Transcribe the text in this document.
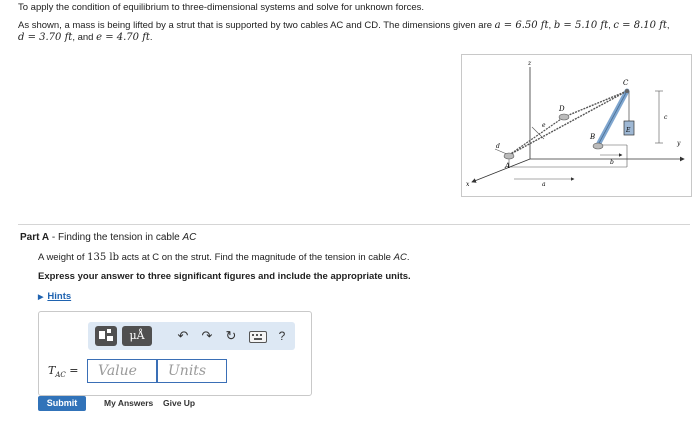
To apply the condition of equilibrium to three-dimensional systems and solve for unknown forces.
As shown, a mass is being lifted by a strut that is supported by two cables AC and CD. The dimensions given are a = 6.50 ft, b = 5.10 ft, c = 8.10 ft,
d = 3.70 ft, and e = 4.70 ft.
z
y
x
C
D
B
A
E
a
b
c
d
e
Part A - Finding the tension in cable AC
A weight of 135 lb acts at C on the strut. Find the magnitude of the tension in cable AC.
Express your answer to three significant figures and include the appropriate units.
▶ Hints
μÅ	↶ ↷ ↻	?
$T_{AC}$ =
Value
Units
Submit	My Answers Give Up
